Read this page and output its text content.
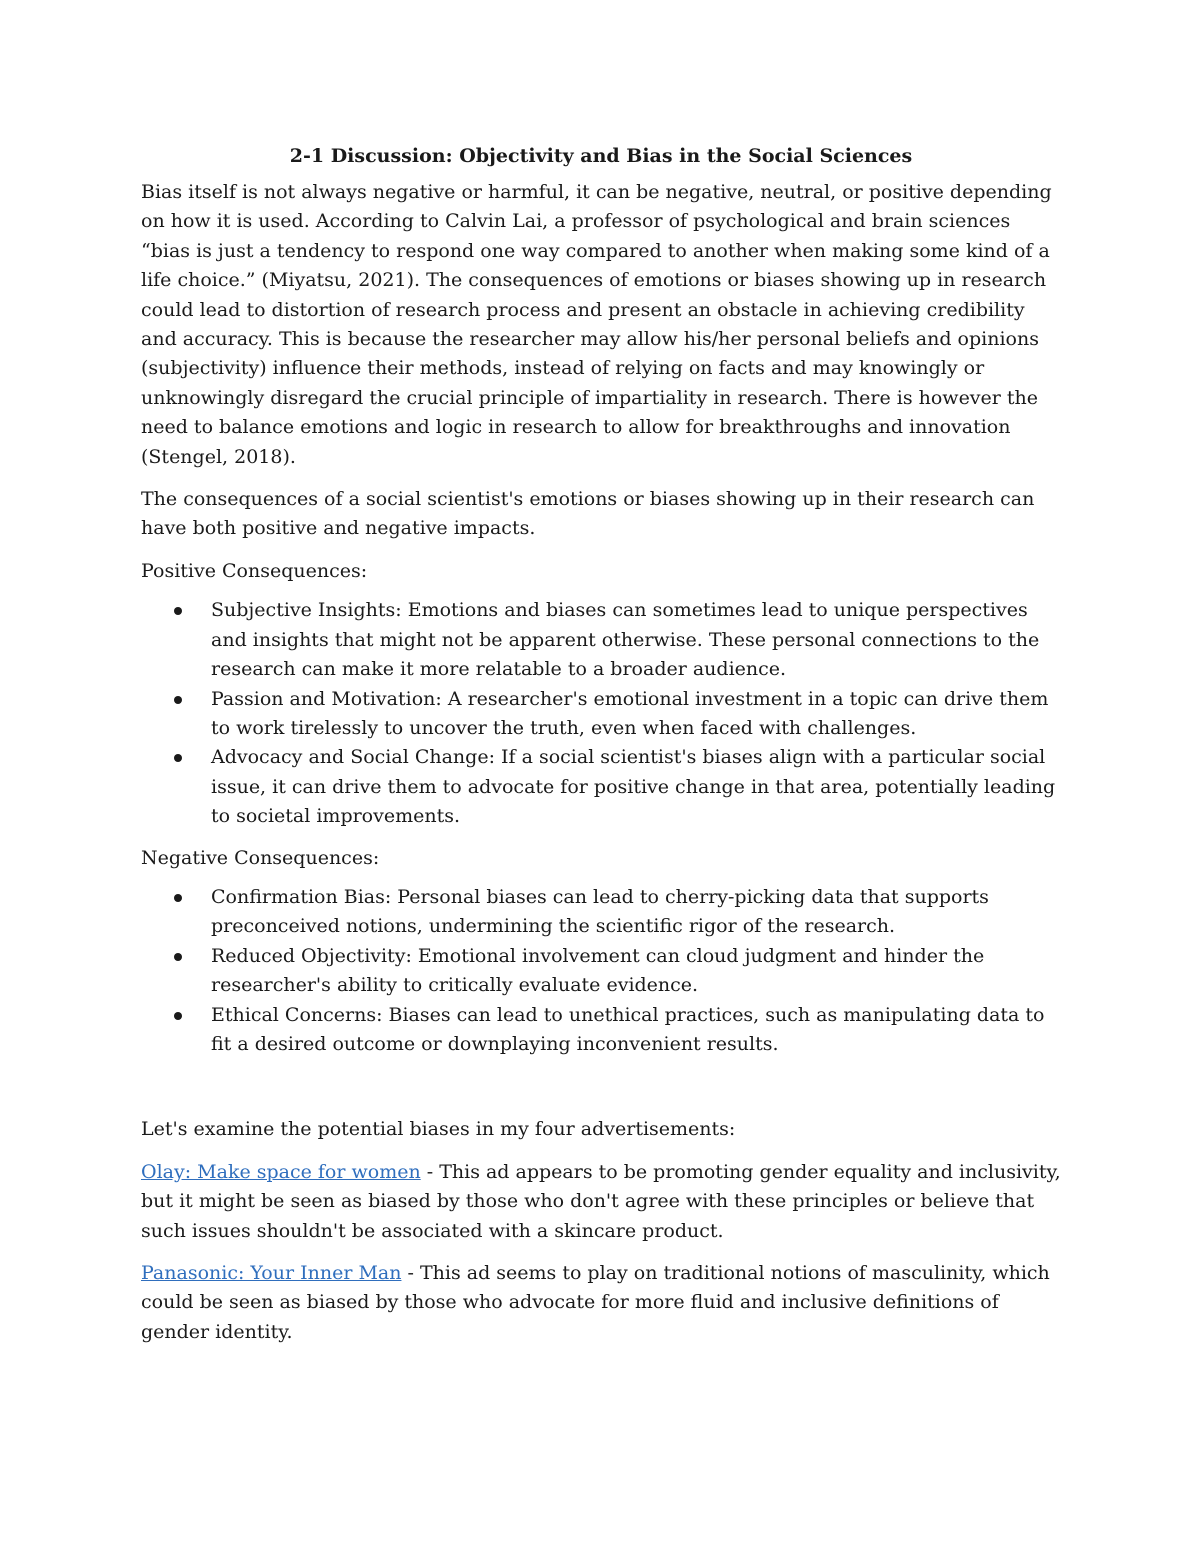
2-1 Discussion: Objectivity and Bias in the Social Sciences

Bias itself is not always negative or harmful, it can be negative, neutral, or positive depending on how it is used. According to Calvin Lai, a professor of psychological and brain sciences “bias is just a tendency to respond one way compared to another when making some kind of a life choice.” (Miyatsu, 2021). The consequences of emotions or biases showing up in research could lead to distortion of research process and present an obstacle in achieving credibility and accuracy. This is because the researcher may allow his/her personal beliefs and opinions (subjectivity) influence their methods, instead of relying on facts and may knowingly or unknowingly disregard the crucial principle of impartiality in research. There is however the need to balance emotions and logic in research to allow for breakthroughs and innovation (Stengel, 2018).

The consequences of a social scientist's emotions or biases showing up in their research can have both positive and negative impacts.

Positive Consequences:

Subjective Insights: Emotions and biases can sometimes lead to unique perspectives and insights that might not be apparent otherwise. These personal connections to the research can make it more relatable to a broader audience.
Passion and Motivation: A researcher's emotional investment in a topic can drive them to work tirelessly to uncover the truth, even when faced with challenges.
Advocacy and Social Change: If a social scientist's biases align with a particular social issue, it can drive them to advocate for positive change in that area, potentially leading to societal improvements.

Negative Consequences:

Confirmation Bias: Personal biases can lead to cherry-picking data that supports preconceived notions, undermining the scientific rigor of the research.
Reduced Objectivity: Emotional involvement can cloud judgment and hinder the researcher's ability to critically evaluate evidence.
Ethical Concerns: Biases can lead to unethical practices, such as manipulating data to fit a desired outcome or downplaying inconvenient results.

Let's examine the potential biases in my four advertisements:

Olay: Make space for women - This ad appears to be promoting gender equality and inclusivity, but it might be seen as biased by those who don't agree with these principles or believe that such issues shouldn't be associated with a skincare product.

Panasonic: Your Inner Man - This ad seems to play on traditional notions of masculinity, which could be seen as biased by those who advocate for more fluid and inclusive definitions of gender identity.
